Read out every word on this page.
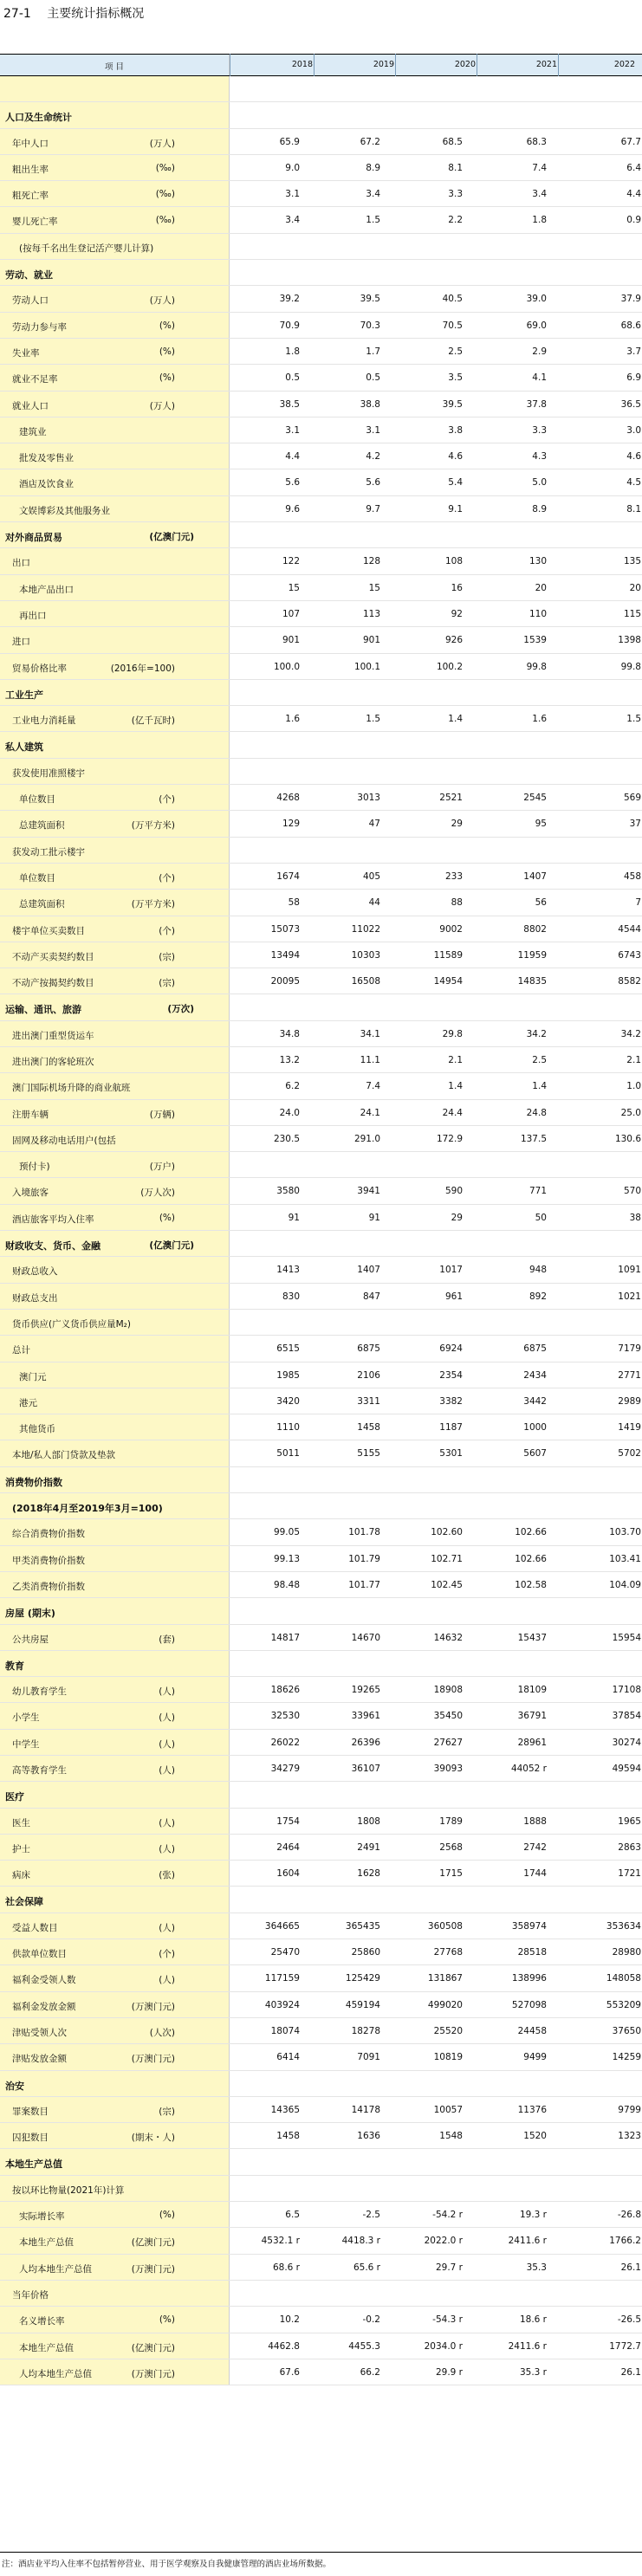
27-1 主要统计指标概况
项 目	2018	2019	2020	2021	2022
人口及生命统计
年中人口	(万人)	65.9	67.2	68.5	68.3	67.7
粗出生率	(‰)	9.0	8.9	8.1	7.4	6.4
粗死亡率	(‰)	3.1	3.4	3.3	3.4	4.4
婴儿死亡率	(‰)	3.4	1.5	2.2	1.8	0.9
(按每千名出生登记活产婴儿计算)
劳动、就业
劳动人口	(万人)	39.2	39.5	40.5	39.0	37.9
劳动力参与率	(%)	70.9	70.3	70.5	69.0	68.6
失业率	(%)	1.8	1.7	2.5	2.9	3.7
就业不足率	(%)	0.5	0.5	3.5	4.1	6.9
就业人口	(万人)	38.5	38.8	39.5	37.8	36.5
建筑业	3.1	3.1	3.8	3.3	3.0
批发及零售业	4.4	4.2	4.6	4.3	4.6
酒店及饮食业	5.6	5.6	5.4	5.0	4.5
文娱博彩及其他服务业	9.6	9.7	9.1	8.9	8.1
对外商品贸易	(亿澳门元)
出口	122	128	108	130	135
本地产品出口	15	15	16	20	20
再出口	107	113	92	110	115
进口	901	901	926	1539	1398
贸易价格比率	(2016年=100)	100.0	100.1	100.2	99.8	99.8
工业生产
工业电力消耗量	(亿千瓦时)	1.6	1.5	1.4	1.6	1.5
私人建筑
获发使用准照楼宇
单位数目	(个)	4268	3013	2521	2545	569
总建筑面积	(万平方米)	129	47	29	95	37
获发动工批示楼宇
单位数目	(个)	1674	405	233	1407	458
总建筑面积	(万平方米)	58	44	88	56	7
楼宇单位买卖数目	(个)	15073	11022	9002	8802	4544
不动产买卖契约数目	(宗)	13494	10303	11589	11959	6743
不动产按揭契约数目	(宗)	20095	16508	14954	14835	8582
运输、通讯、旅游	(万次)
进出澳门重型货运车	34.8	34.1	29.8	34.2	34.2
进出澳门的客轮班次	13.2	11.1	2.1	2.5	2.1
澳门国际机场升降的商业航班	6.2	7.4	1.4	1.4	1.0
注册车辆	(万辆)	24.0	24.1	24.4	24.8	25.0
固网及移动电话用户(包括	230.5	291.0	172.9	137.5	130.6
预付卡)	(万户)
入境旅客	(万人次)	3580	3941	590	771	570
酒店旅客平均入住率	(%)	91	91	29	50	38
财政收支、货币、金融	(亿澳门元)
财政总收入	1413	1407	1017	948	1091
财政总支出	830	847	961	892	1021
货币供应(广义货币供应量M₂)
总计	6515	6875	6924	6875	7179
澳门元	1985	2106	2354	2434	2771
港元	3420	3311	3382	3442	2989
其他货币	1110	1458	1187	1000	1419
本地/私人部门贷款及垫款	5011	5155	5301	5607	5702
消费物价指数
(2018年4月至2019年3月=100)
综合消费物价指数	99.05	101.78	102.60	102.66	103.70
甲类消费物价指数	99.13	101.79	102.71	102.66	103.41
乙类消费物价指数	98.48	101.77	102.45	102.58	104.09
房屋 (期末)
公共房屋	(套)	14817	14670	14632	15437	15954
教育
幼儿教育学生	(人)	18626	19265	18908	18109	17108
小学生	(人)	32530	33961	35450	36791	37854
中学生	(人)	26022	26396	27627	28961	30274
高等教育学生	(人)	34279	36107	39093	44052 r	49594
医疗
医生	(人)	1754	1808	1789	1888	1965
护士	(人)	2464	2491	2568	2742	2863
病床	(张)	1604	1628	1715	1744	1721
社会保障
受益人数目	(人)	364665	365435	360508	358974	353634
供款单位数目	(个)	25470	25860	27768	28518	28980
福利金受领人数	(人)	117159	125429	131867	138996	148058
福利金发放金额	(万澳门元)	403924	459194	499020	527098	553209
津贴受领人次	(人次)	18074	18278	25520	24458	37650
津贴发放金额	(万澳门元)	6414	7091	10819	9499	14259
治安
罪案数目	(宗)	14365	14178	10057	11376	9799
囚犯数目	(期末・人)	1458	1636	1548	1520	1323
本地生产总值
按以环比物量(2021年)计算
实际增长率	(%)	6.5	-2.5	-54.2 r	19.3 r	-26.8
本地生产总值	(亿澳门元)	4532.1 r	4418.3 r	2022.0 r	2411.6 r	1766.2
人均本地生产总值	(万澳门元)	68.6 r	65.6 r	29.7 r	35.3	26.1
当年价格
名义增长率	(%)	10.2	-0.2	-54.3 r	18.6 r	-26.5
本地生产总值	(亿澳门元)	4462.8	4455.3	2034.0 r	2411.6 r	1772.7
人均本地生产总值	(万澳门元)	67.6	66.2	29.9 r	35.3 r	26.1
注：酒店业平均入住率不包括暂停营业、用于医学观察及自我健康管理的酒店业场所数据。
